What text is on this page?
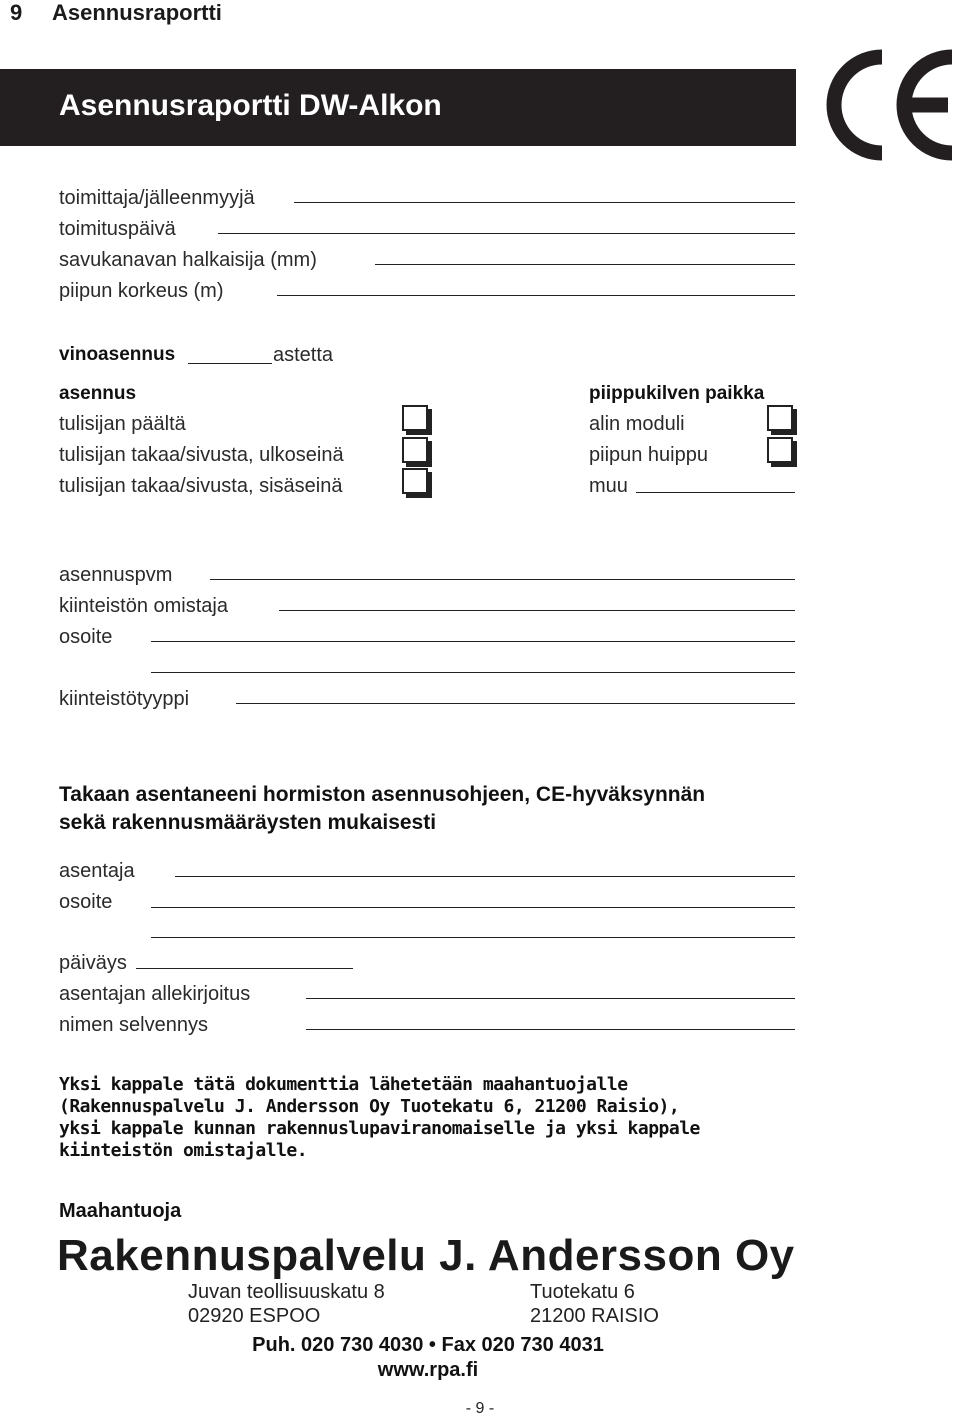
9 Asennusraportti
Asennusraportti DW-Alkon
toimittaja/jälleenmyyjä
toimituspäivä
savukanavan halkaisija (mm)
piipun korkeus (m)
vinoasennus	astetta
asennus
tulisijan päältä
tulisijan takaa/sivusta, ulkoseinä
tulisijan takaa/sivusta, sisäseinä
piippukilven paikka
alin moduli
piipun huippu
muu
asennuspvm
kiinteistön omistaja
osoite
kiinteistötyyppi
Takaan asentaneeni hormiston asennusohjeen, CE-hyväksynnän
sekä rakennusmääräysten mukaisesti
asentaja
osoite
päiväys
asentajan allekirjoitus
nimen selvennys
Yksi kappale tätä dokumenttia lähetetään maahantuojalle
(Rakennuspalvelu J. Andersson Oy Tuotekatu 6, 21200 Raisio),
yksi kappale kunnan rakennuslupaviranomaiselle ja yksi kappale
kiinteistön omistajalle.
Maahantuoja
Rakennuspalvelu J. Andersson Oy
Juvan teollisuuskatu 8
02920 ESPOO
Tuotekatu 6
21200 RAISIO
Puh. 020 730 4030 • Fax 020 730 4031
www.rpa.fi
- 9 -
